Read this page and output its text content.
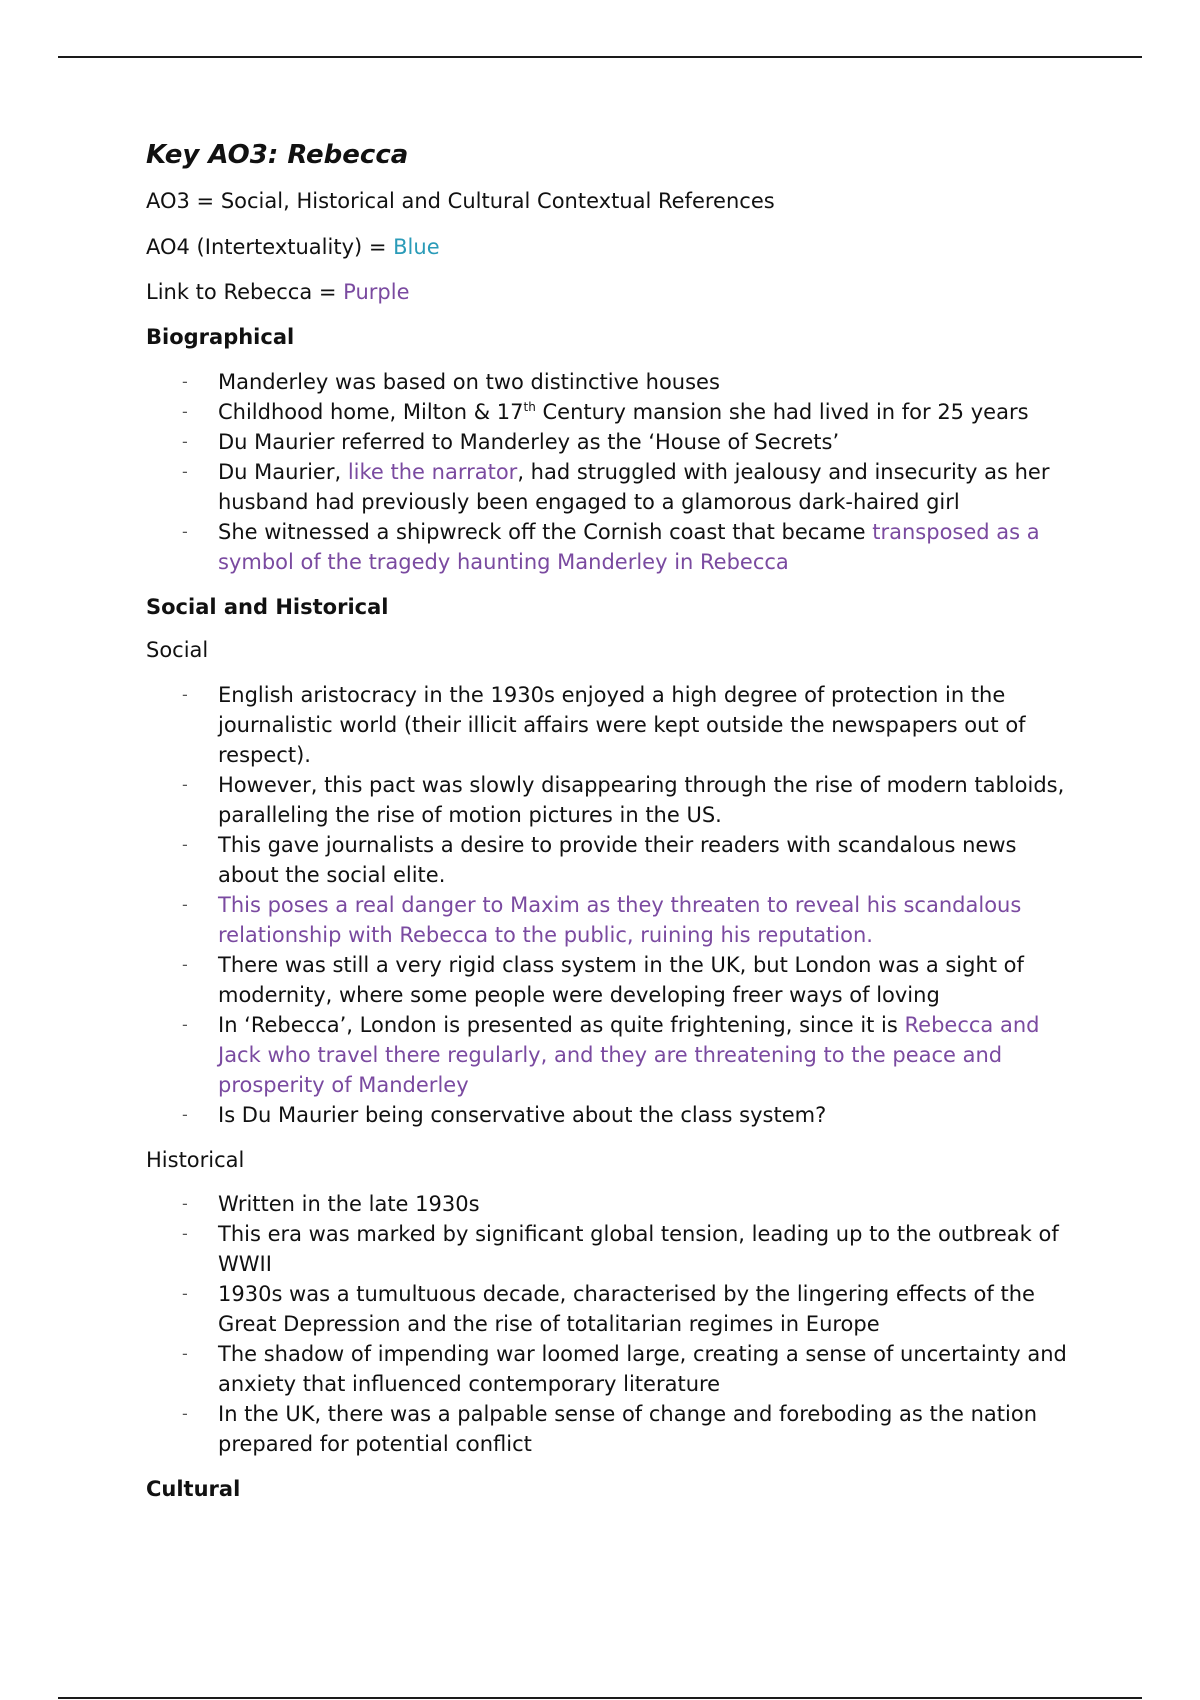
Key AO3: Rebecca

AO3 = Social, Historical and Cultural Contextual References

AO4 (Intertextuality) = Blue

Link to Rebecca = Purple

Biographical
- Manderley was based on two distinctive houses
- Childhood home, Milton & 17th Century mansion she had lived in for 25 years
- Du Maurier referred to Manderley as the ‘House of Secrets’
- Du Maurier, like the narrator, had struggled with jealousy and insecurity as her husband had previously been engaged to a glamorous dark-haired girl
- She witnessed a shipwreck off the Cornish coast that became transposed as a symbol of the tragedy haunting Manderley in Rebecca
Social and Historical
Social
- English aristocracy in the 1930s enjoyed a high degree of protection in the journalistic world (their illicit affairs were kept outside the newspapers out of respect).
- However, this pact was slowly disappearing through the rise of modern tabloids, paralleling the rise of motion pictures in the US.
- This gave journalists a desire to provide their readers with scandalous news about the social elite.
- This poses a real danger to Maxim as they threaten to reveal his scandalous relationship with Rebecca to the public, ruining his reputation.
- There was still a very rigid class system in the UK, but London was a sight of modernity, where some people were developing freer ways of loving
- In ‘Rebecca’, London is presented as quite frightening, since it is Rebecca and Jack who travel there regularly, and they are threatening to the peace and prosperity of Manderley
- Is Du Maurier being conservative about the class system?
Historical
- Written in the late 1930s
- This era was marked by significant global tension, leading up to the outbreak of WWII
- 1930s was a tumultuous decade, characterised by the lingering effects of the Great Depression and the rise of totalitarian regimes in Europe
- The shadow of impending war loomed large, creating a sense of uncertainty and anxiety that influenced contemporary literature
- In the UK, there was a palpable sense of change and foreboding as the nation prepared for potential conflict
Cultural
